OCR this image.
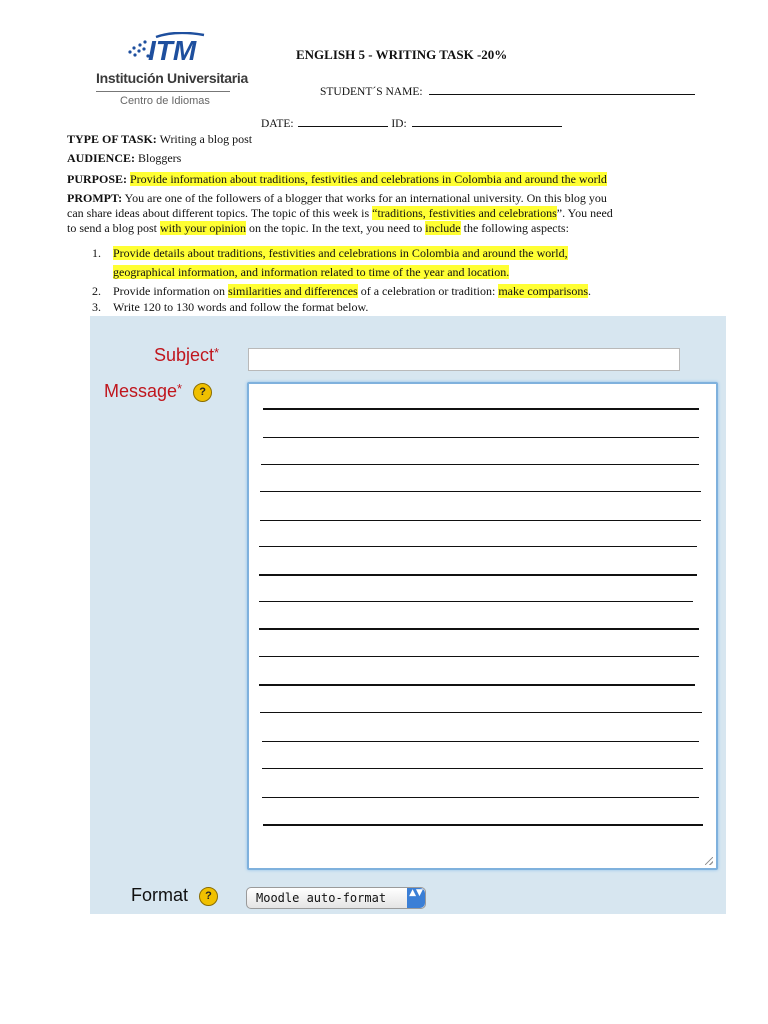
ITM
Institución Universitaria
Centro de Idiomas
ENGLISH 5 - WRITING TASK -20%
STUDENT´S NAME:
DATE:	ID:
TYPE OF TASK: Writing a blog post
AUDIENCE: Bloggers
PURPOSE: Provide information about traditions, festivities and celebrations in Colombia and around the world
PROMPT: You are one of the followers of a blogger that works for an international university. On this blog you
can share ideas about different topics. The topic of this week is “traditions, festivities and celebrations”. You need
to send a blog post with your opinion on the topic. In the text, you need to include the following aspects:
1. Provide details about traditions, festivities and celebrations in Colombia and around the world,
geographical information, and information related to time of the year and location.
2. Provide information on similarities and differences of a celebration or tradition: make comparisons.
3. Write 120 to 130 words and follow the format below.
Subject*
Message* ?
Format ?	Moodle auto-format	▲▼
